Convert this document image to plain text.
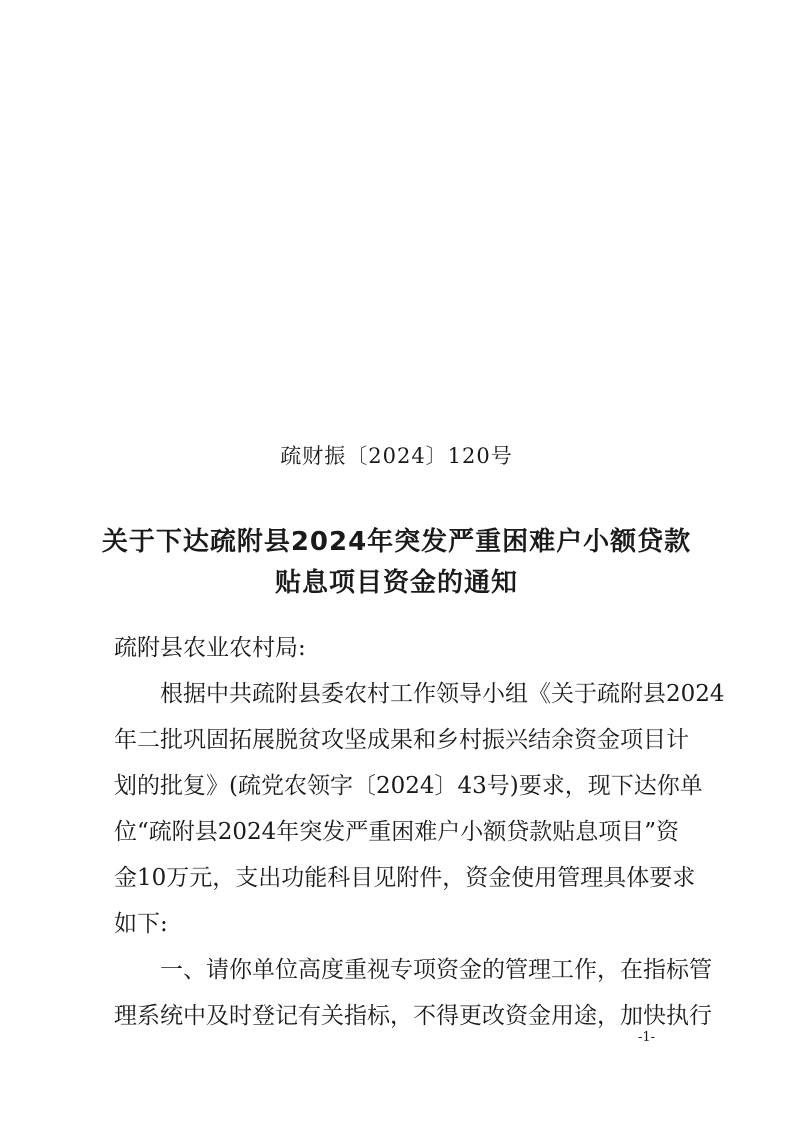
疏财振〔2024〕120号
关于下达疏附县2024年突发严重困难户小额贷款
贴息项目资金的通知
疏附县农业农村局:
根据中共疏附县委农村工作领导小组《关于疏附县2024
年二批巩固拓展脱贫攻坚成果和乡村振兴结余资金项目计
划的批复》(疏党农领字〔2024〕43号)要求，现下达你单
位“疏附县2024年突发严重困难户小额贷款贴息项目”资
金10万元，支出功能科目见附件，资金使用管理具体要求
如下:
一、请你单位高度重视专项资金的管理工作，在指标管
理系统中及时登记有关指标，不得更改资金用途，加快执行
-1-
